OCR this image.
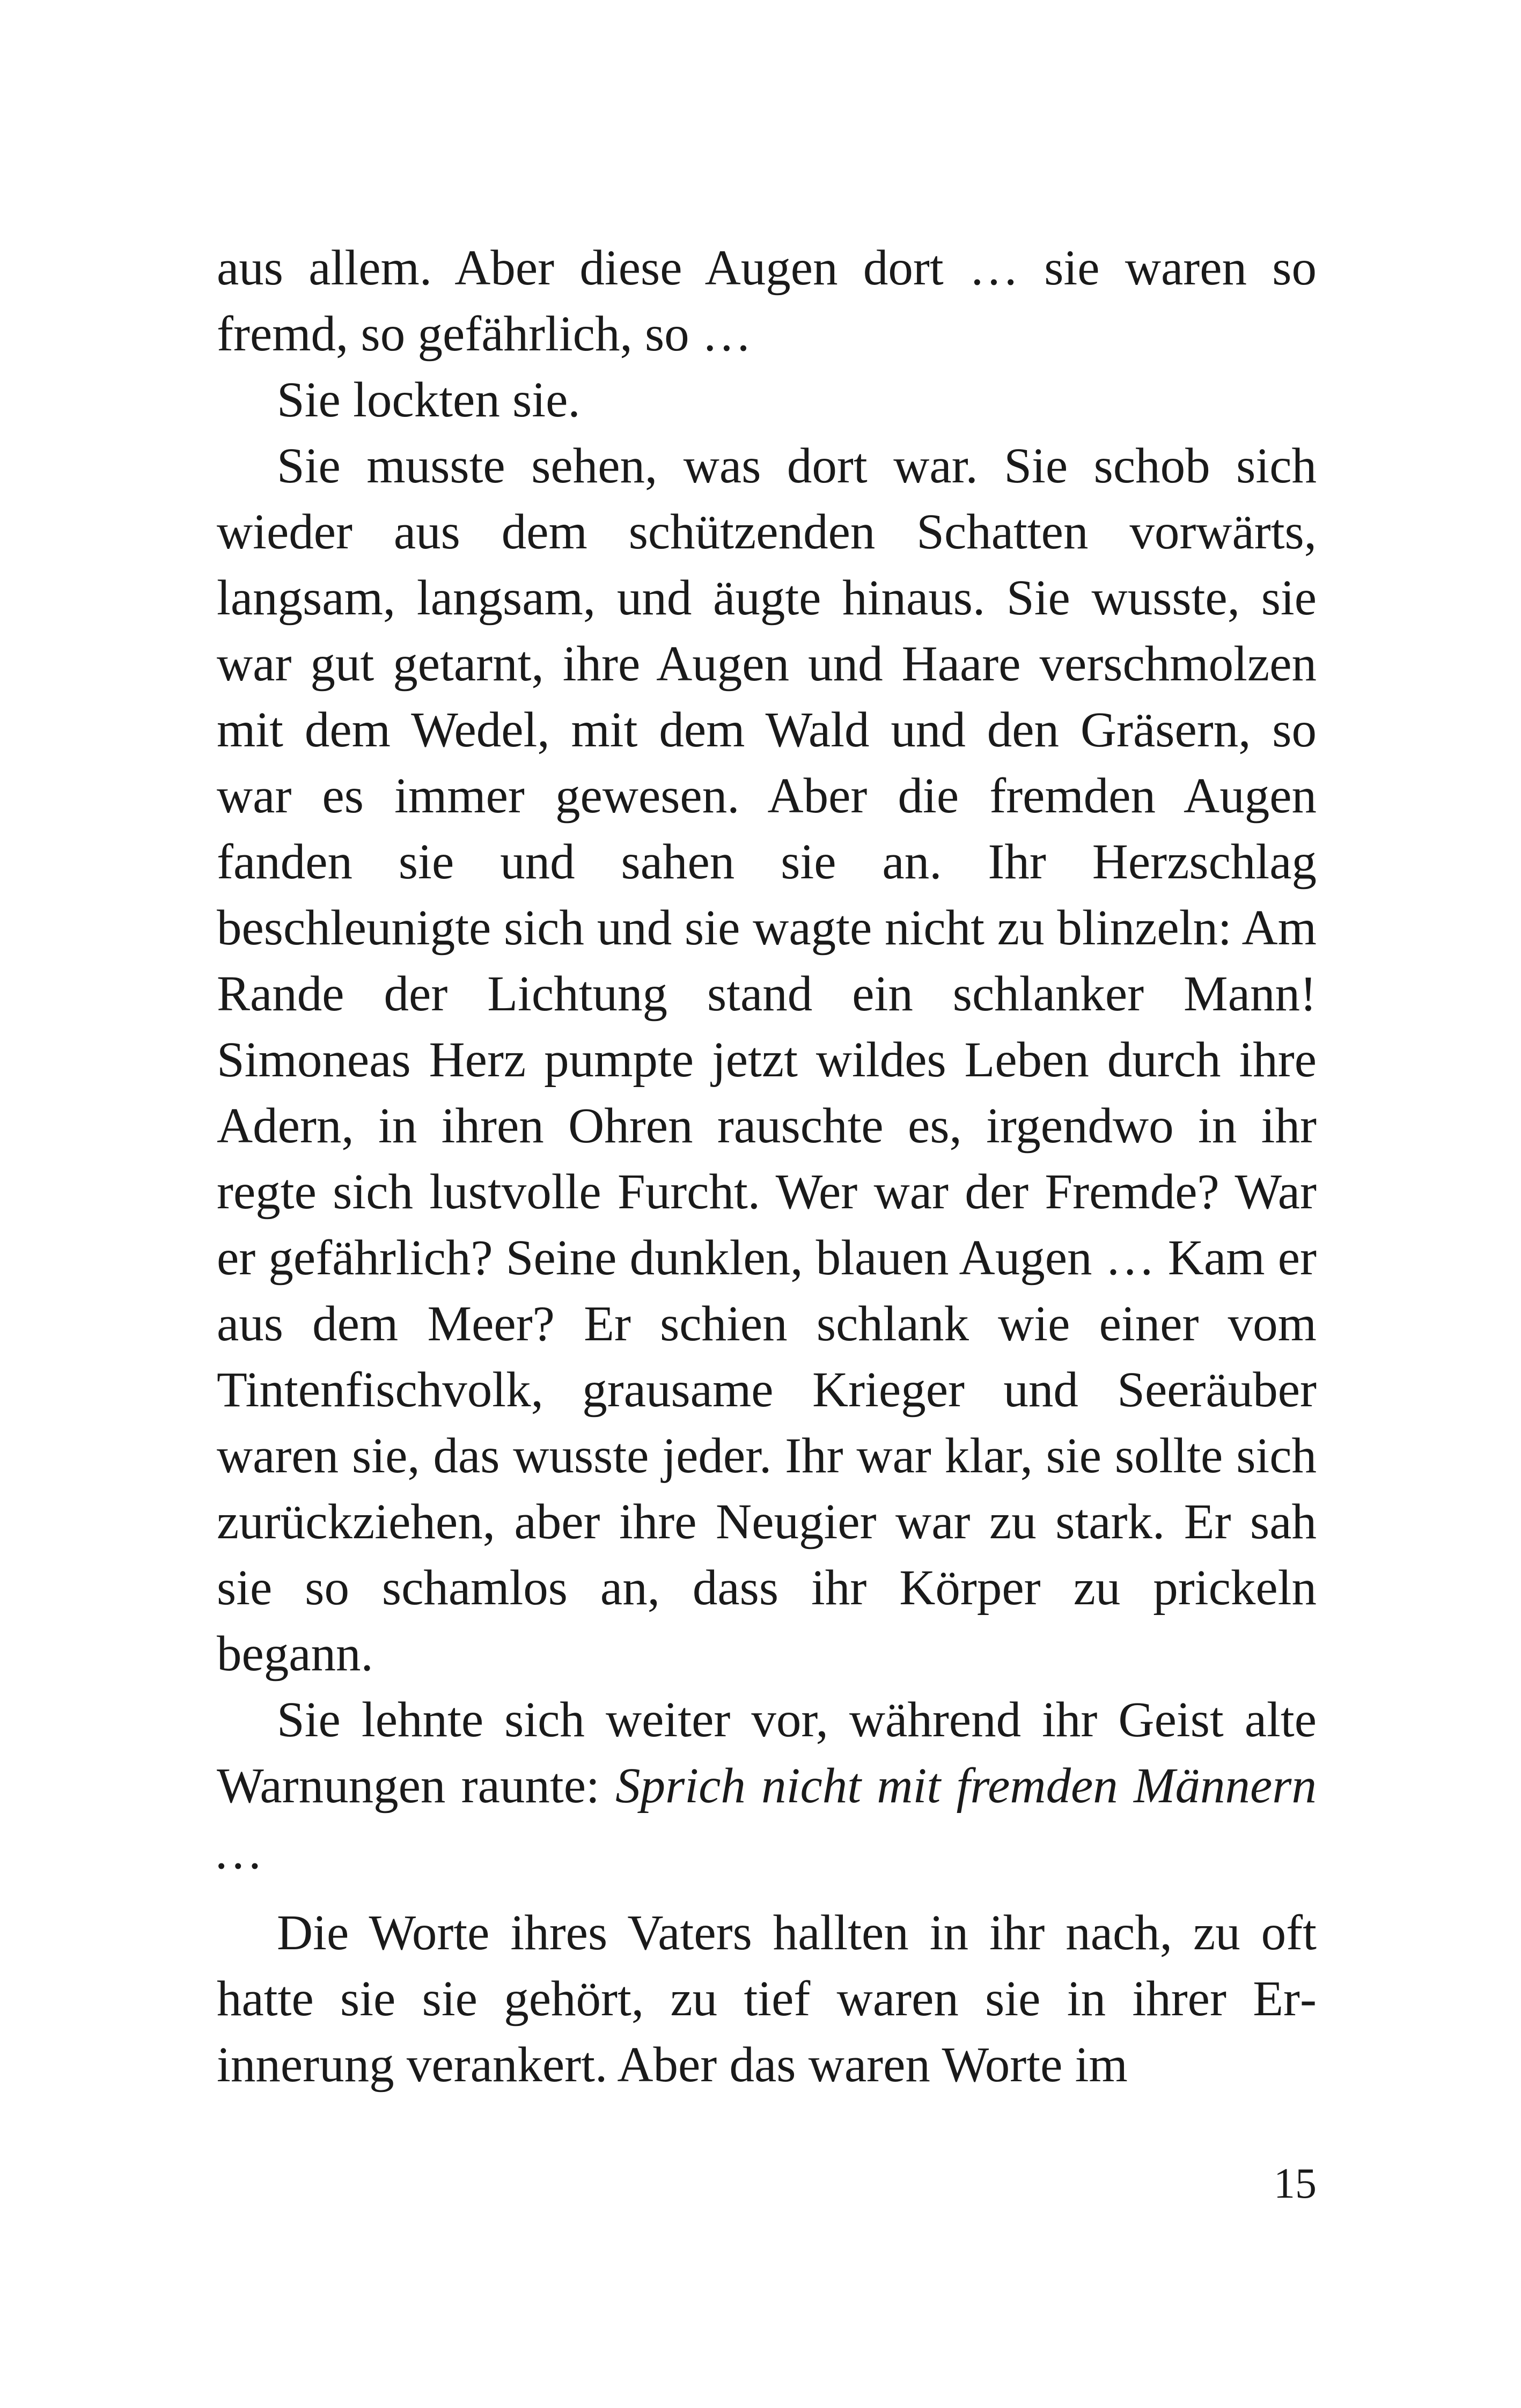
aus allem. Aber diese Augen dort … sie waren so fremd, so gefährlich, so …

Sie lockten sie.

Sie musste sehen, was dort war. Sie schob sich wieder aus dem schützenden Schatten vorwärts, langsam, langsam, und äugte hinaus. Sie wusste, sie war gut getarnt, ihre Augen und Haare verschmolzen mit dem Wedel, mit dem Wald und den Gräsern, so war es immer gewesen. Aber die fremden Augen fanden sie und sahen sie an. Ihr Herzschlag beschleunigte sich und sie wagte nicht zu blinzeln: Am Rande der Lichtung stand ein schlanker Mann! Simoneas Herz pumpte jetzt wildes Leben durch ihre Adern, in ihren Ohren rauschte es, irgendwo in ihr regte sich lustvolle Furcht. Wer war der Fremde? War er gefährlich? Seine dunklen, blauen Augen … Kam er aus dem Meer? Er schien schlank wie einer vom Tintenfischvolk, grausame Krieger und Seeräuber waren sie, das wusste jeder. Ihr war klar, sie sollte sich zurückziehen, aber ihre Neugier war zu stark. Er sah sie so schamlos an, dass ihr Körper zu prickeln begann.

Sie lehnte sich weiter vor, während ihr Geist alte Warnungen raunte: Sprich nicht mit fremden Männern …

Die Worte ihres Vaters hallten in ihr nach, zu oft hatte sie sie gehört, zu tief waren sie in ihrer Erinnerung verankert. Aber das waren Worte im

15
